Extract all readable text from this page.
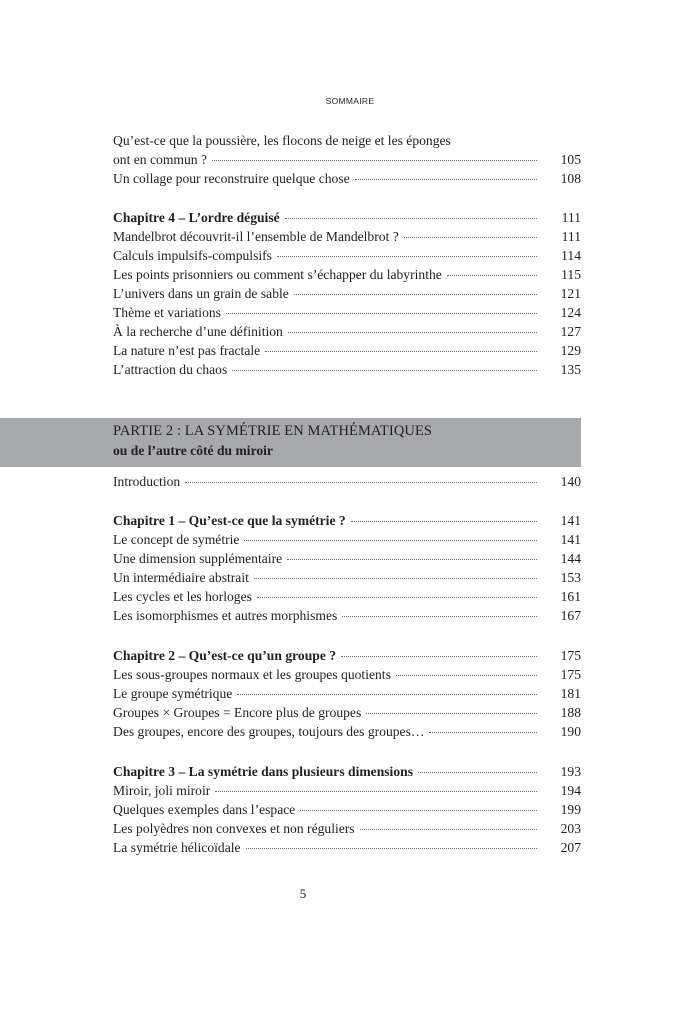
SOMMAIRE
Qu’est-ce que la poussière, les flocons de neige et les éponges
ont en commun ?	105
Un collage pour reconstruire quelque chose	108
Chapitre 4 – L’ordre déguisé	111
Mandelbrot découvrit-il l’ensemble de Mandelbrot ?	111
Calculs impulsifs-compulsifs	114
Les points prisonniers ou comment s’échapper du labyrinthe	115
L’univers dans un grain de sable	121
Thème et variations	124
À la recherche d’une définition	127
La nature n’est pas fractale	129
L’attraction du chaos	135
PARTIE 2 : LA SYMÉTRIE EN MATHÉMATIQUES
ou de l’autre côté du miroir
Introduction	140
Chapitre 1 – Qu’est-ce que la symétrie ?	141
Le concept de symétrie	141
Une dimension supplémentaire	144
Un intermédiaire abstrait	153
Les cycles et les horloges	161
Les isomorphismes et autres morphismes	167
Chapitre 2 – Qu’est-ce qu’un groupe ?	175
Les sous-groupes normaux et les groupes quotients	175
Le groupe symétrique	181
Groupes × Groupes = Encore plus de groupes	188
Des groupes, encore des groupes, toujours des groupes…	190
Chapitre 3 – La symétrie dans plusieurs dimensions	193
Miroir, joli miroir	194
Quelques exemples dans l’espace	199
Les polyèdres non convexes et non réguliers	203
La symétrie hélicoïdale	207
5
